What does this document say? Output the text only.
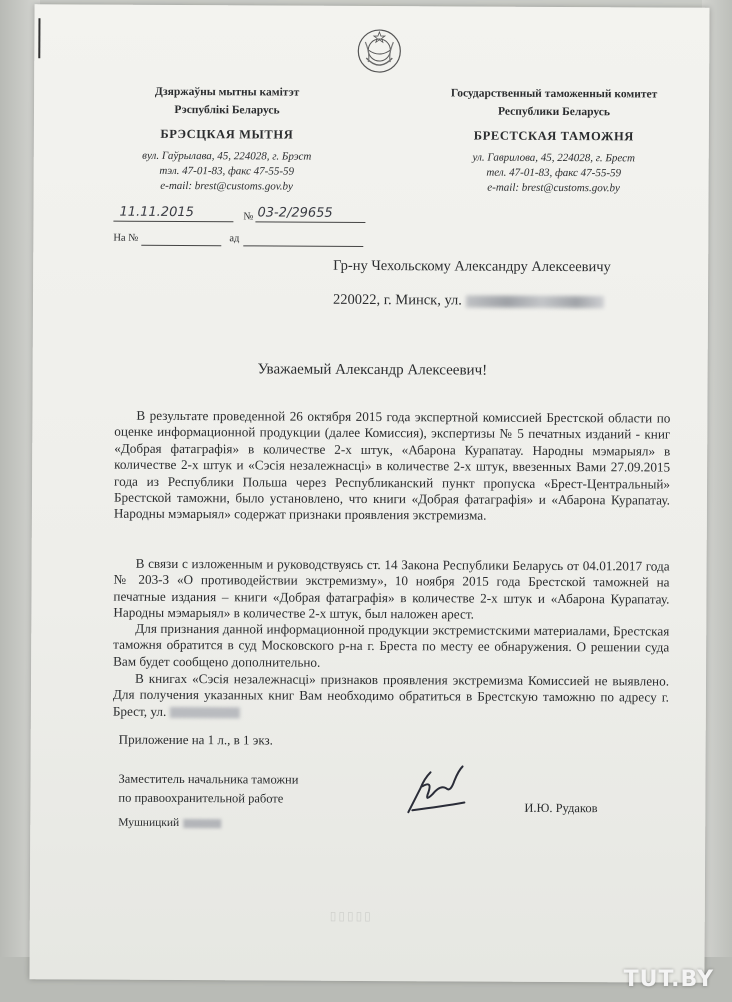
Дзяржаўны мытны камітэт
Рэспублікі Беларусь
БРЭСЦКАЯ МЫТНЯ
вул. Гаўрылава, 45, 224028, г. Брэст
тэл. 47-01-83, факс 47-55-59
e-mail: brest@customs.gov.by
Государственный таможенный комитет
Республики Беларусь
БРЕСТСКАЯ ТАМОЖНЯ
ул. Гаврилова, 45, 224028, г. Брест
тел. 47-01-83, факс 47-55-59
e-mail: brest@customs.gov.by
11.11.2015	№ 03-2/29655
На №	ад
Гр-ну Чехольскому Александру Алексеевичу
220022, г. Минск, ул.
Уважаемый Александр Алексеевич!

В результате проведенной 26 октября 2015 года экспертной комиссией Брестской области по оценке информационной продукции (далее Комиссия), экспертизы № 5 печатных изданий - книг «Добрая фатаграфія» в количестве 2-х штук, «Абарона Курапатау. Народны мэмарыял» в количестве 2-х штук и «Сэсія незалежнасці» в количестве 2-х штук, ввезенных Вами 27.09.2015 года из Республики Польша через Республиканский пункт пропуска «Брест-Центральный» Брестской таможни, было установлено, что книги «Добрая фатаграфія» и «Абарона Курапатау. Народны мэмарыял» содержат признаки проявления экстремизма.

В связи с изложенным и руководствуясь ст. 14 Закона Республики Беларусь от 04.01.2017 года № 203-З «О противодействии экстремизму», 10 ноября 2015 года Брестской таможней на печатные издания – книги «Добрая фатаграфія» в количестве 2-х штук и «Абарона Курапатау. Народны мэмарыял» в количестве 2-х штук, был наложен арест.

Для признания данной информационной продукции экстремистскими материалами, Брестская таможня обратится в суд Московского р-на г. Бреста по месту ее обнаружения. О решении суда Вам будет сообщено дополнительно.

В книгах «Сэсія незалежнасці» признаков проявления экстремизма Комиссией не выявлено. Для получения указанных книг Вам необходимо обратиться в Брестскую таможню по адресу г. Брест, ул.

Приложение на 1 л., в 1 экз.
Заместитель начальника таможни
по правоохранительной работе
И.Ю. Рудаков
Мушницкий
▯▯▯▯▯
TUT.BY
